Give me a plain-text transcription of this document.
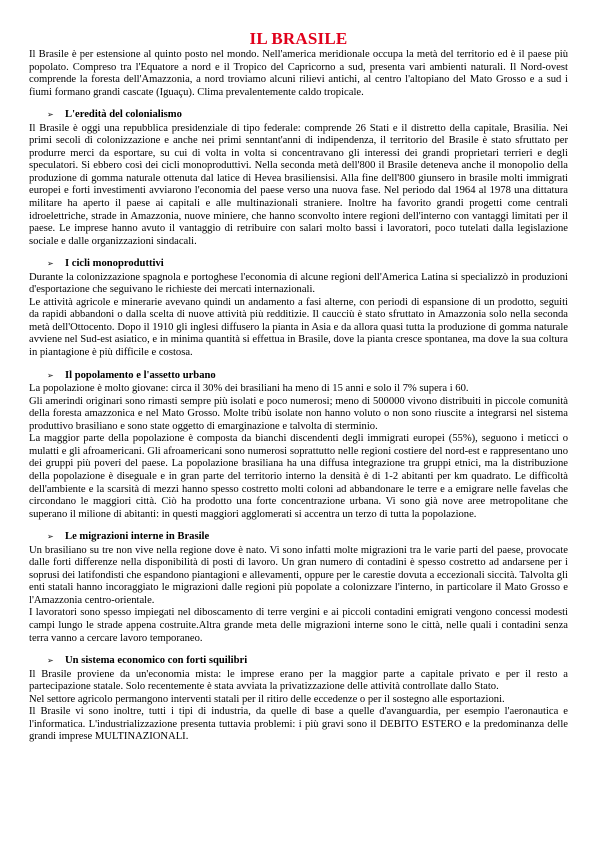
IL BRASILE

Il Brasile è per estensione al quinto posto nel mondo. Nell'america meridionale occupa la metà del territorio ed è il paese più popolato. Compreso tra l'Equatore a nord e il Tropico del Capricorno a sud, presenta vari ambienti naturali. Il Nord-ovest comprende la foresta dell'Amazzonia, a nord troviamo alcuni rilievi antichi, al centro l'altopiano del Mato Grosso e a sud i fiumi formano grandi cascate (Iguaçu). Clima prevalentemente caldo tropicale.

➢	L'eredità del colonialismo

Il Brasile è oggi una repubblica presidenziale di tipo federale: comprende 26 Stati e il distretto della capitale, Brasilia. Nei primi secoli di colonizzazione e anche nei primi senntant'anni di indipendenza, il territorio del Brasile è stato sfruttato per produrre merci da esportare, su cui di volta in volta si concentravano gli interessi dei grandi proprietari terrieri e degli speculatori. Si ebbero così dei cicli monoproduttivi. Nella seconda metà dell'800 il Brasile deteneva anche il monopolio della produzione di gomma naturale ottenuta dal latice di Hevea brasiliensisi. Alla fine dell'800 giunsero in brasile molti immigrati europei e forti investimenti avviarono l'economia del paese verso una nuova fase. Nel periodo dal 1964 al 1978 una dittatura militare ha aperto il paese ai capitali e alle multinazionali straniere. Inoltre ha favorito grandi progetti come centrali idroelettriche, strade in Amazzonia, nuove miniere, che hanno sconvolto intere regioni dell'interno con vantaggi limitati per il paese. Le imprese hanno avuto il vantaggio di retribuire con salari molto bassi i lavoratori, poco tutelati dalla legislazione sociale e dalle organizzazioni sindacali.

➢	I cicli monoproduttivi

Durante la colonizzazione spagnola e portoghese l'economia di alcune regioni dell'America Latina si specializzò in produzioni d'esportazione che seguivano le richieste dei mercati internazionali.

Le attività agricole e minerarie avevano quindi un andamento a fasi alterne, con periodi di espansione di un prodotto, seguiti da rapidi abbandoni o dalla scelta di nuove attività più redditizie. Il caucciù è stato sfruttato in Amazzonia solo nella seconda metà dell'Ottocento. Dopo il 1910 gli inglesi diffusero la pianta in Asia e da allora quasi tutta la produzione di gomma naturale avviene nel Sud-est asiatico, e in minima quantità si effettua in Brasile, dove la pianta cresce spontanea, ma dove la sua coltura in piantagione è più difficile e costosa.

➢	Il popolamento e l'assetto urbano

La popolazione è molto giovane: circa il 30% dei brasiliani ha meno di 15 anni e solo il 7% supera i 60.

Gli amerindi originari sono rimasti sempre più isolati e poco numerosi; meno di 500000 vivono distribuiti in piccole comunità della foresta amazzonica e nel Mato Grosso. Molte tribù isolate non hanno voluto o non sono riuscite a integrarsi nel sistema produttivo brasiliano e sono state oggetto di emarginazione e talvolta di sterminio.

La maggior parte della popolazione è composta da bianchi discendenti degli immigrati europei (55%), seguono i meticci o mulatti e gli afroamericani. Gli afroamericani sono numerosi soprattutto nelle regioni costiere del nord-est e rappresentano uno dei gruppi più poveri del paese. La popolazione brasiliana ha una diffusa integrazione tra gruppi etnici, ma la distribuzione della popolazione è diseguale e in gran parte del territorio interno la densità è di 1-2 abitanti per km quadrato. Le difficoltà dell'ambiente e la scarsità di mezzi hanno spesso costretto molti coloni ad abbandonare le terre e a emigrare nelle favelas che circondano le maggiori città. Ciò ha prodotto una forte concentrazione urbana. Vi sono già nove aree metropolitane che superano il milione di abitanti: in questi maggiori agglomerati si accentra un terzo di tutta la popolazione.

➢	Le migrazioni interne in Brasile

Un brasiliano su tre non vive nella regione dove è nato. Vi sono infatti molte migrazioni tra le varie parti del paese, provocate dalle forti differenze nella disponibilità di posti di lavoro. Un gran numero di contadini è spesso costretto ad andarsene per i soprusi dei latifondisti che espandono piantagioni e allevamenti, oppure per le carestie dovuta a eccezionali siccità. Talvolta gli enti statali hanno incoraggiato le migrazioni dalle regioni più popolate a colonizzare l'interno, in particolare il Mato Grosso e l'Amazzonia centro-orientale.

I lavoratori sono spesso impiegati nel diboscamento di terre vergini e ai piccoli contadini emigrati vengono concessi modesti campi lungo le strade appena costruite.Altra grande meta delle migrazioni interne sono le città, nelle quali i contadini senza terra vanno a cercare lavoro temporaneo.

➢	Un sistema economico con forti squilibri

Il Brasile proviene da un'economia mista: le imprese erano per la maggior parte a capitale privato e per il resto a partecipazione statale. Solo recentemente è stata avviata la privatizzazione delle attività controllate dallo Stato.

Nel settore agricolo permangono interventi statali per il ritiro delle eccedenze o per il sostegno alle esportazioni.

Il Brasile vi sono inoltre, tutti i tipi di industria, da quelle di base a quelle d'avanguardia, per esempio l'aeronautica e l'informatica. L'industrializzazione presenta tuttavia problemi: i più gravi sono il DEBITO ESTERO e la predominanza delle grandi imprese MULTINAZIONALI.
